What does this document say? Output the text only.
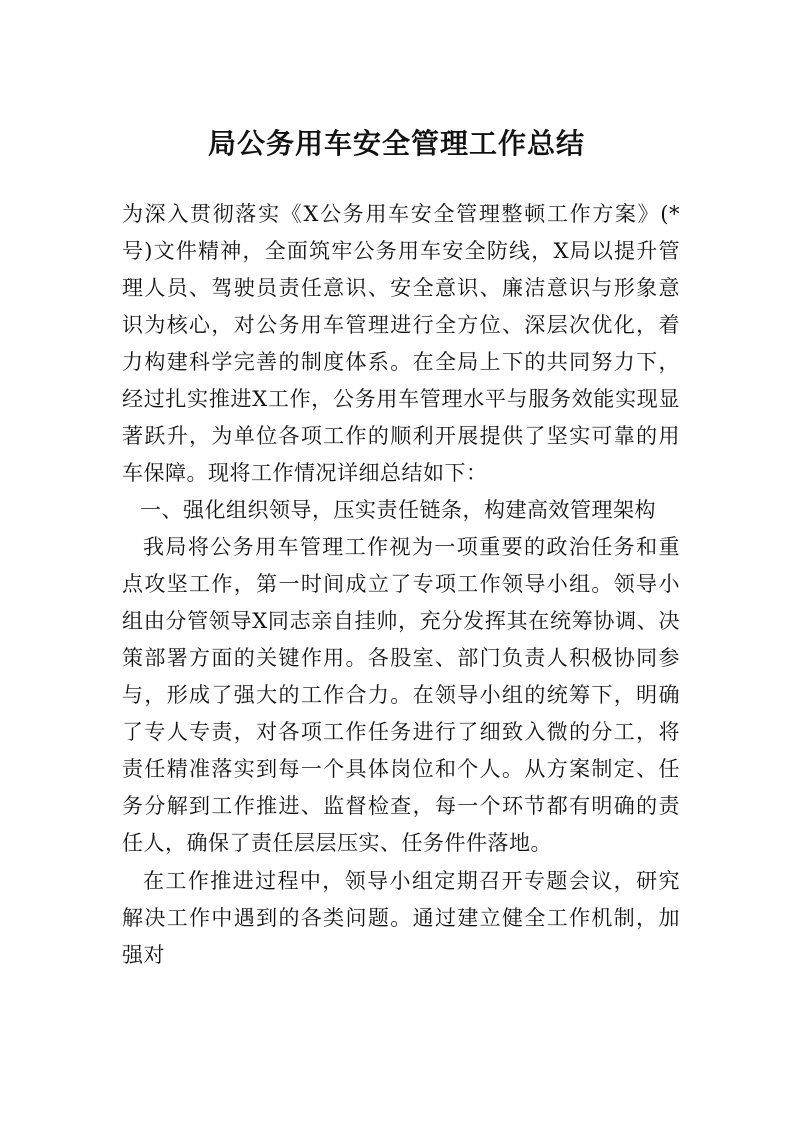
局公务用车安全管理工作总结

为深入贯彻落实《X公务用车安全管理整顿工作方案》(*号)文件精神，全面筑牢公务用车安全防线，X局以提升管理人员、驾驶员责任意识、安全意识、廉洁意识与形象意识为核心，对公务用车管理进行全方位、深层次优化，着力构建科学完善的制度体系。在全局上下的共同努力下，经过扎实推进X工作，公务用车管理水平与服务效能实现显著跃升，为单位各项工作的顺利开展提供了坚实可靠的用车保障。现将工作情况详细总结如下：

一、强化组织领导，压实责任链条，构建高效管理架构

我局将公务用车管理工作视为一项重要的政治任务和重点攻坚工作，第一时间成立了专项工作领导小组。领导小组由分管领导X同志亲自挂帅，充分发挥其在统筹协调、决策部署方面的关键作用。各股室、部门负责人积极协同参与，形成了强大的工作合力。在领导小组的统筹下，明确了专人专责，对各项工作任务进行了细致入微的分工，将责任精准落实到每一个具体岗位和个人。从方案制定、任务分解到工作推进、监督检查，每一个环节都有明确的责任人，确保了责任层层压实、任务件件落地。

在工作推进过程中，领导小组定期召开专题会议，研究解决工作中遇到的各类问题。通过建立健全工作机制，加强对
